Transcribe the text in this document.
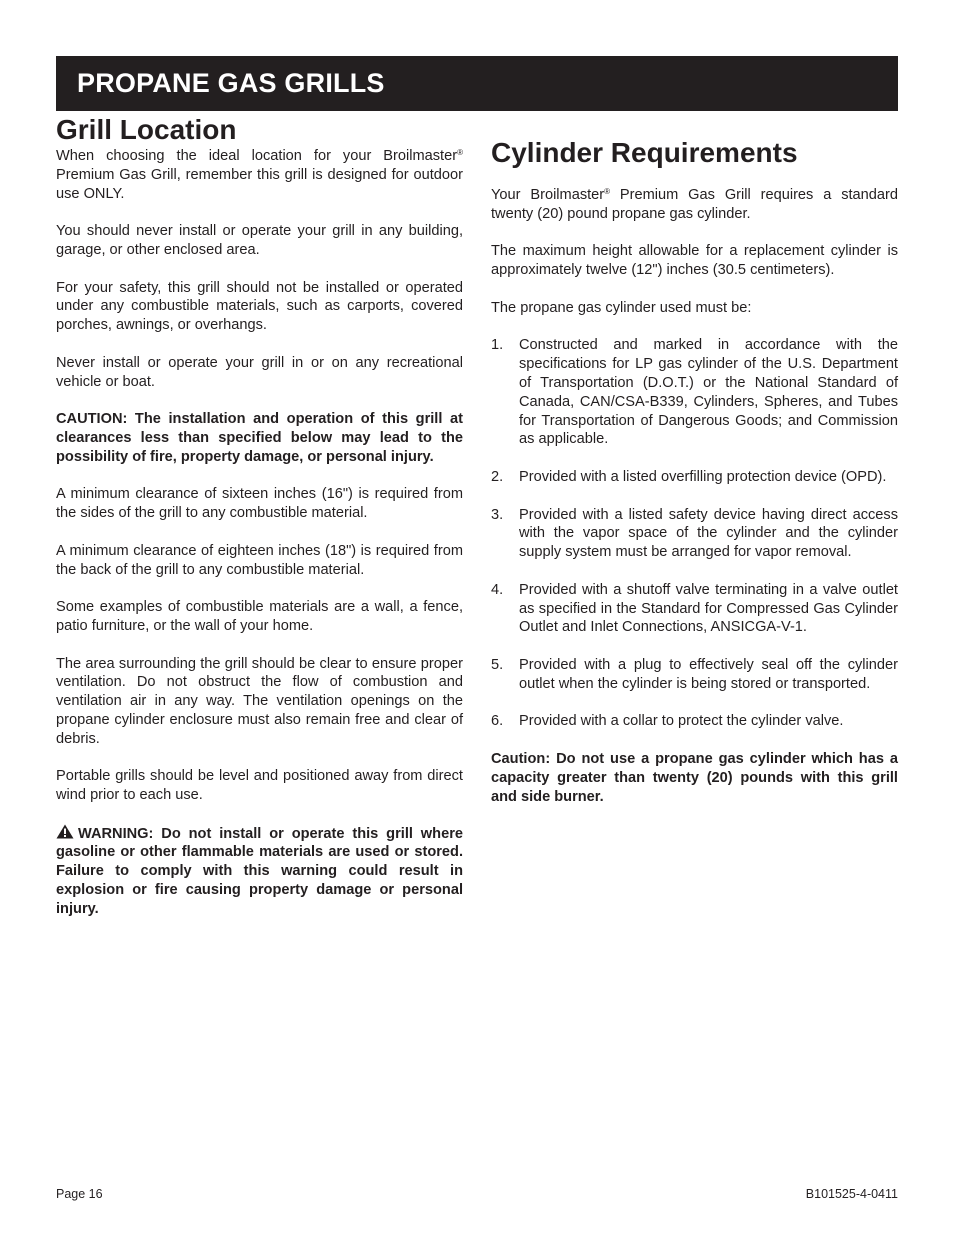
PROPANE GAS GRILLS
Grill Location

When choosing the ideal location for your Broilmaster® Premium Gas Grill, remember this grill is designed for outdoor use ONLY.

You should never install or operate your grill in any building, garage, or other enclosed area.

For your safety, this grill should not be installed or operated under any combustible materials, such as carports, covered porches, awnings, or overhangs.

Never install or operate your grill in or on any recreational vehicle or boat.

CAUTION: The installation and operation of this grill at clearances less than specified below may lead to the possibility of fire, property damage, or personal injury.

A minimum clearance of sixteen inches (16") is required from the sides of the grill to any combustible material.

A minimum clearance of eighteen inches (18") is required from the back of the grill to any combustible material.

Some examples of combustible materials are a wall, a fence, patio furniture, or the wall of your home.

The area surrounding the grill should be clear to ensure proper ventilation. Do not obstruct the flow of combustion and ventilation air in any way. The ventilation openings on the propane cylinder enclosure must also remain free and clear of debris.

Portable grills should be level and positioned away from direct wind prior to each use.

WARNING: Do not install or operate this grill where gasoline or other flammable materials are used or stored. Failure to comply with this warning could result in explosion or fire causing property damage or personal injury.

Cylinder Requirements

Your Broilmaster® Premium Gas Grill requires a standard twenty (20) pound propane gas cylinder.

The maximum height allowable for a replacement cylinder is approximately twelve (12") inches (30.5 centimeters).

The propane gas cylinder used must be:

1. Constructed and marked in accordance with the specifications for LP gas cylinder of the U.S. Department of Transportation (D.O.T.) or the National Standard of Canada, CAN/CSA-B339, Cylinders, Spheres, and Tubes for Transportation of Dangerous Goods; and Commission as applicable.
2. Provided with a listed overfilling protection device (OPD).
3. Provided with a listed safety device having direct access with the vapor space of the cylinder and the cylinder supply system must be arranged for vapor removal.
4. Provided with a shutoff valve terminating in a valve outlet as specified in the Standard for Compressed Gas Cylinder Outlet and Inlet Connections, ANSICGA-V-1.
5. Provided with a plug to effectively seal off the cylinder outlet when the cylinder is being stored or transported.
6. Provided with a collar to protect the cylinder valve.

Caution: Do not use a propane gas cylinder which has a capacity greater than twenty (20) pounds with this grill and side burner.

Page 16	B101525-4-0411
